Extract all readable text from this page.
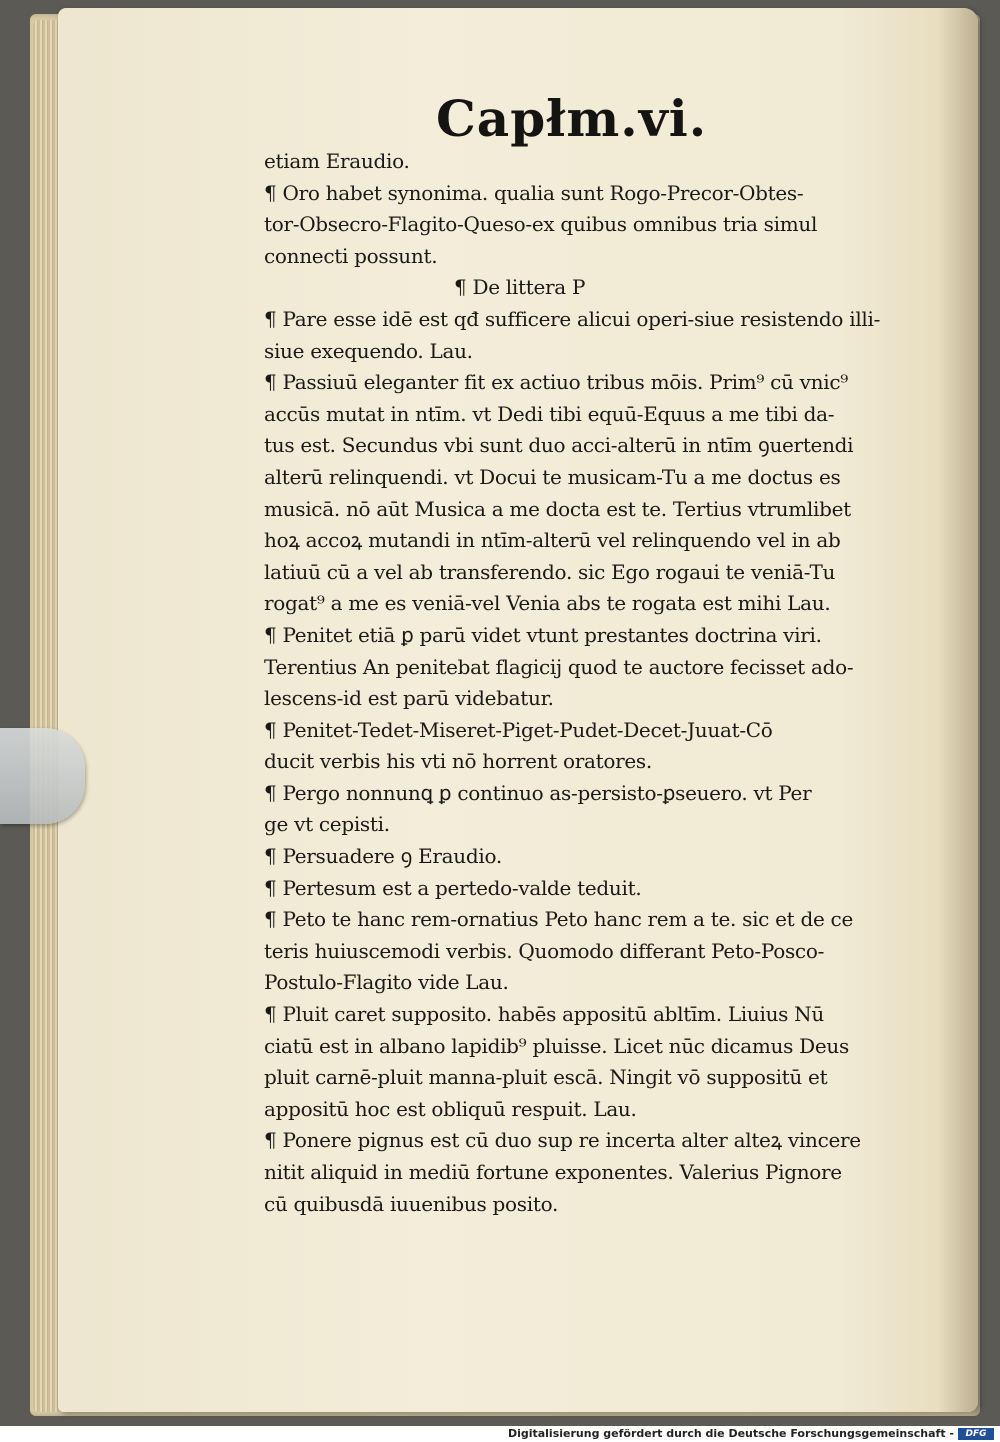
Capłm.vi.
etiam Eraudio.
¶ Oro habet synonima. qualia sunt Rogo-Precor-Obtes-
tor-Obsecro-Flagito-Queso-ex quibus omnibus tria simul
connecti possunt.
¶ De littera P
¶ Pare esse idē est qđ sufficere alicui operi-siue resistendo illi-
siue exequendo. Lau.
¶ Passiuū eleganter fit ex actiuo tribus mōis. Prim⁹ cū vnic⁹
accūs mutat in ntīm. vt Dedi tibi equū-Equus a me tibi da-
tus est. Secundus vbi sunt duo acci-alterū in ntīm ꝯuertendi
alterū relinquendi. vt Docui te musicam-Tu a me doctus es
musicā. nō aūt Musica a me docta est te. Tertius vtrumlibet
hoꝝ accoꝝ mutandi in ntīm-alterū vel relinquendo vel in ab
latiuū cū a vel ab transferendo. sic Ego rogaui te veniā-Tu
rogat⁹ a me es veniā-vel Venia abs te rogata est mihi Lau.
¶ Penitet etiā ꝑ parū videt vtunt prestantes doctrina viri.
Terentius An penitebat flagicij quod te auctore fecisset ado-
lescens-id est parū videbatur.
¶ Penitet-Tedet-Miseret-Piget-Pudet-Decet-Juuat-Cō
ducit verbis his vti nō horrent oratores.
¶ Pergo nonnunꝗ ꝑ continuo as-persisto-ꝑseuero. vt Per
ge vt cepisti.
¶ Persuadere ꝯ Eraudio.
¶ Pertesum est a pertedo-valde teduit.
¶ Peto te hanc rem-ornatius Peto hanc rem a te. sic et de ce
teris huiuscemodi verbis. Quomodo differant Peto-Posco-
Postulo-Flagito vide Lau.
¶ Pluit caret supposito. habēs appositū abltīm. Liuius Nū
ciatū est in albano lapidib⁹ pluisse. Licet nūc dicamus Deus
pluit carnē-pluit manna-pluit escā. Ningit vō suppositū et
appositū hoc est obliquū respuit. Lau.
¶ Ponere pignus est cū duo sup re incerta alter alteꝝ vincere
nitit aliquid in mediū fortune exponentes. Valerius Pignore
cū quibusdā iuuenibus posito.
Digitalisierung gefördert durch die Deutsche Forschungsgemeinschaft -	DFG
